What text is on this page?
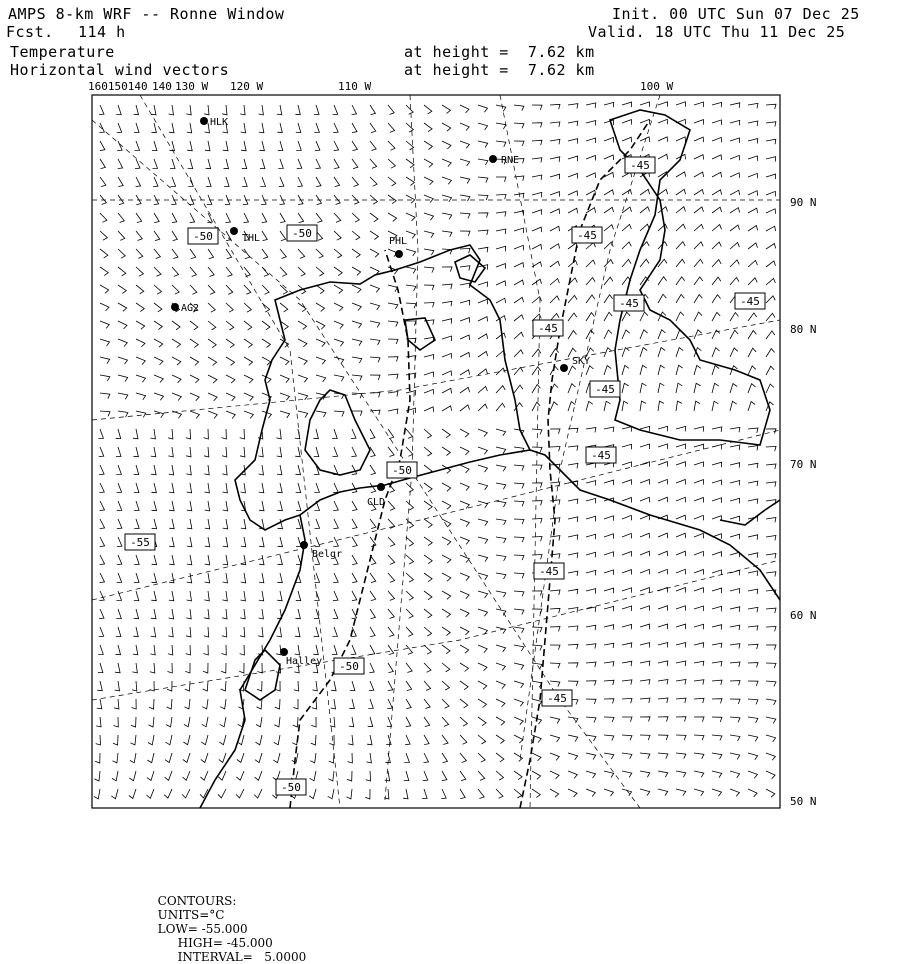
AMPS 8-km WRF -- Ronne Window
Fcst. 114 h
Init. 00 UTC Sun 07 Dec 25
Valid. 18 UTC Thu 11 Dec 25
Temperature
Horizontal wind vectors
at height =  7.62 km
at height =  7.62 km
-45
-50	-50	-45
-45	-45
-45
-50
-45
-55
-45
-50
-45
-50
-45
HLK
RNE
THL	PHL
AG2
SKY
CLD
Belgr
Halley
160150140 140 130 W 120 W	110 W	100 W
90 N
80 N
70 N
60 N
50 N

CONTOURS:
UNITS=°C
LOW= -55.000
HIGH= -45.000
INTERVAL=   5.0000
